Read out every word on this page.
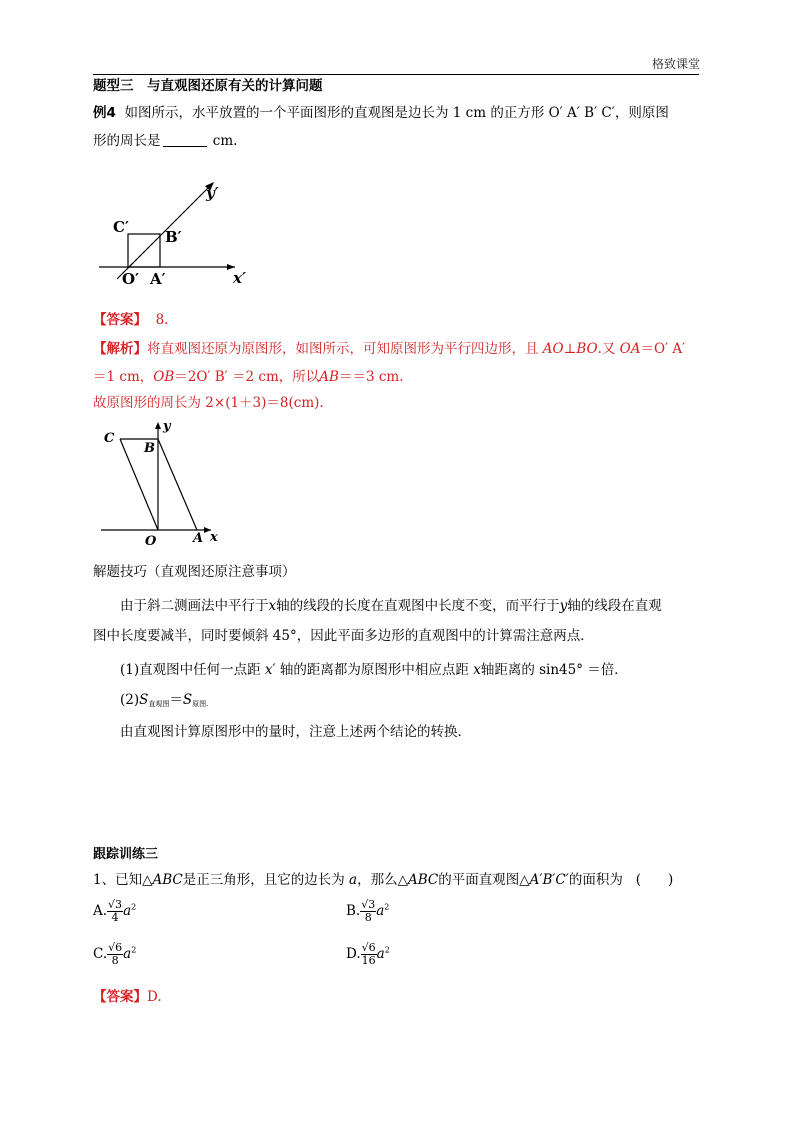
格致课堂
题型三　与直观图还原有关的计算问题
例4 如图所示，水平放置的一个平面图形的直观图是边长为 1 cm 的正方形 O′ A′ B′ C′，则原图
形的周长是	cm.
y′
x′
C′
B′
O′ A′
【答案】 8.
【解析】将直观图还原为原图形，如图所示，可知原图形为平行四边形，且 AO⊥BO.又 OA＝O′ A′
＝1 cm，OB＝2O′ B′ ＝2 cm，所以AB＝＝3 cm.
故原图形的周长为 2×(1＋3)＝8(cm).
C
B
y
O	A x
解题技巧（直观图还原注意事项）
由于斜二测画法中平行于x轴的线段的长度在直观图中长度不变，而平行于y轴的线段在直观
图中长度要减半，同时要倾斜 45°，因此平面多边形的直观图中的计算需注意两点．
(1)直观图中任何一点距 x′ 轴的距离都为原图形中相应点距 x轴距离的 sin45° ＝倍．
$(2)S_{直观图}=S_{原图.}$
由直观图计算原图形中的量时，注意上述两个结论的转换．
跟踪训练三
1、已知△ABC是正三角形，且它的边长为 a，那么△ABC的平面直观图△A′B′C′的面积为 (　　)
A. $\frac{√3}{4} a^2$	B. $\frac{√3}{8} a^2$
C. $\frac{√6}{8} a^2$	D. $\frac{√6}{16} a^2$
【答案】D.
